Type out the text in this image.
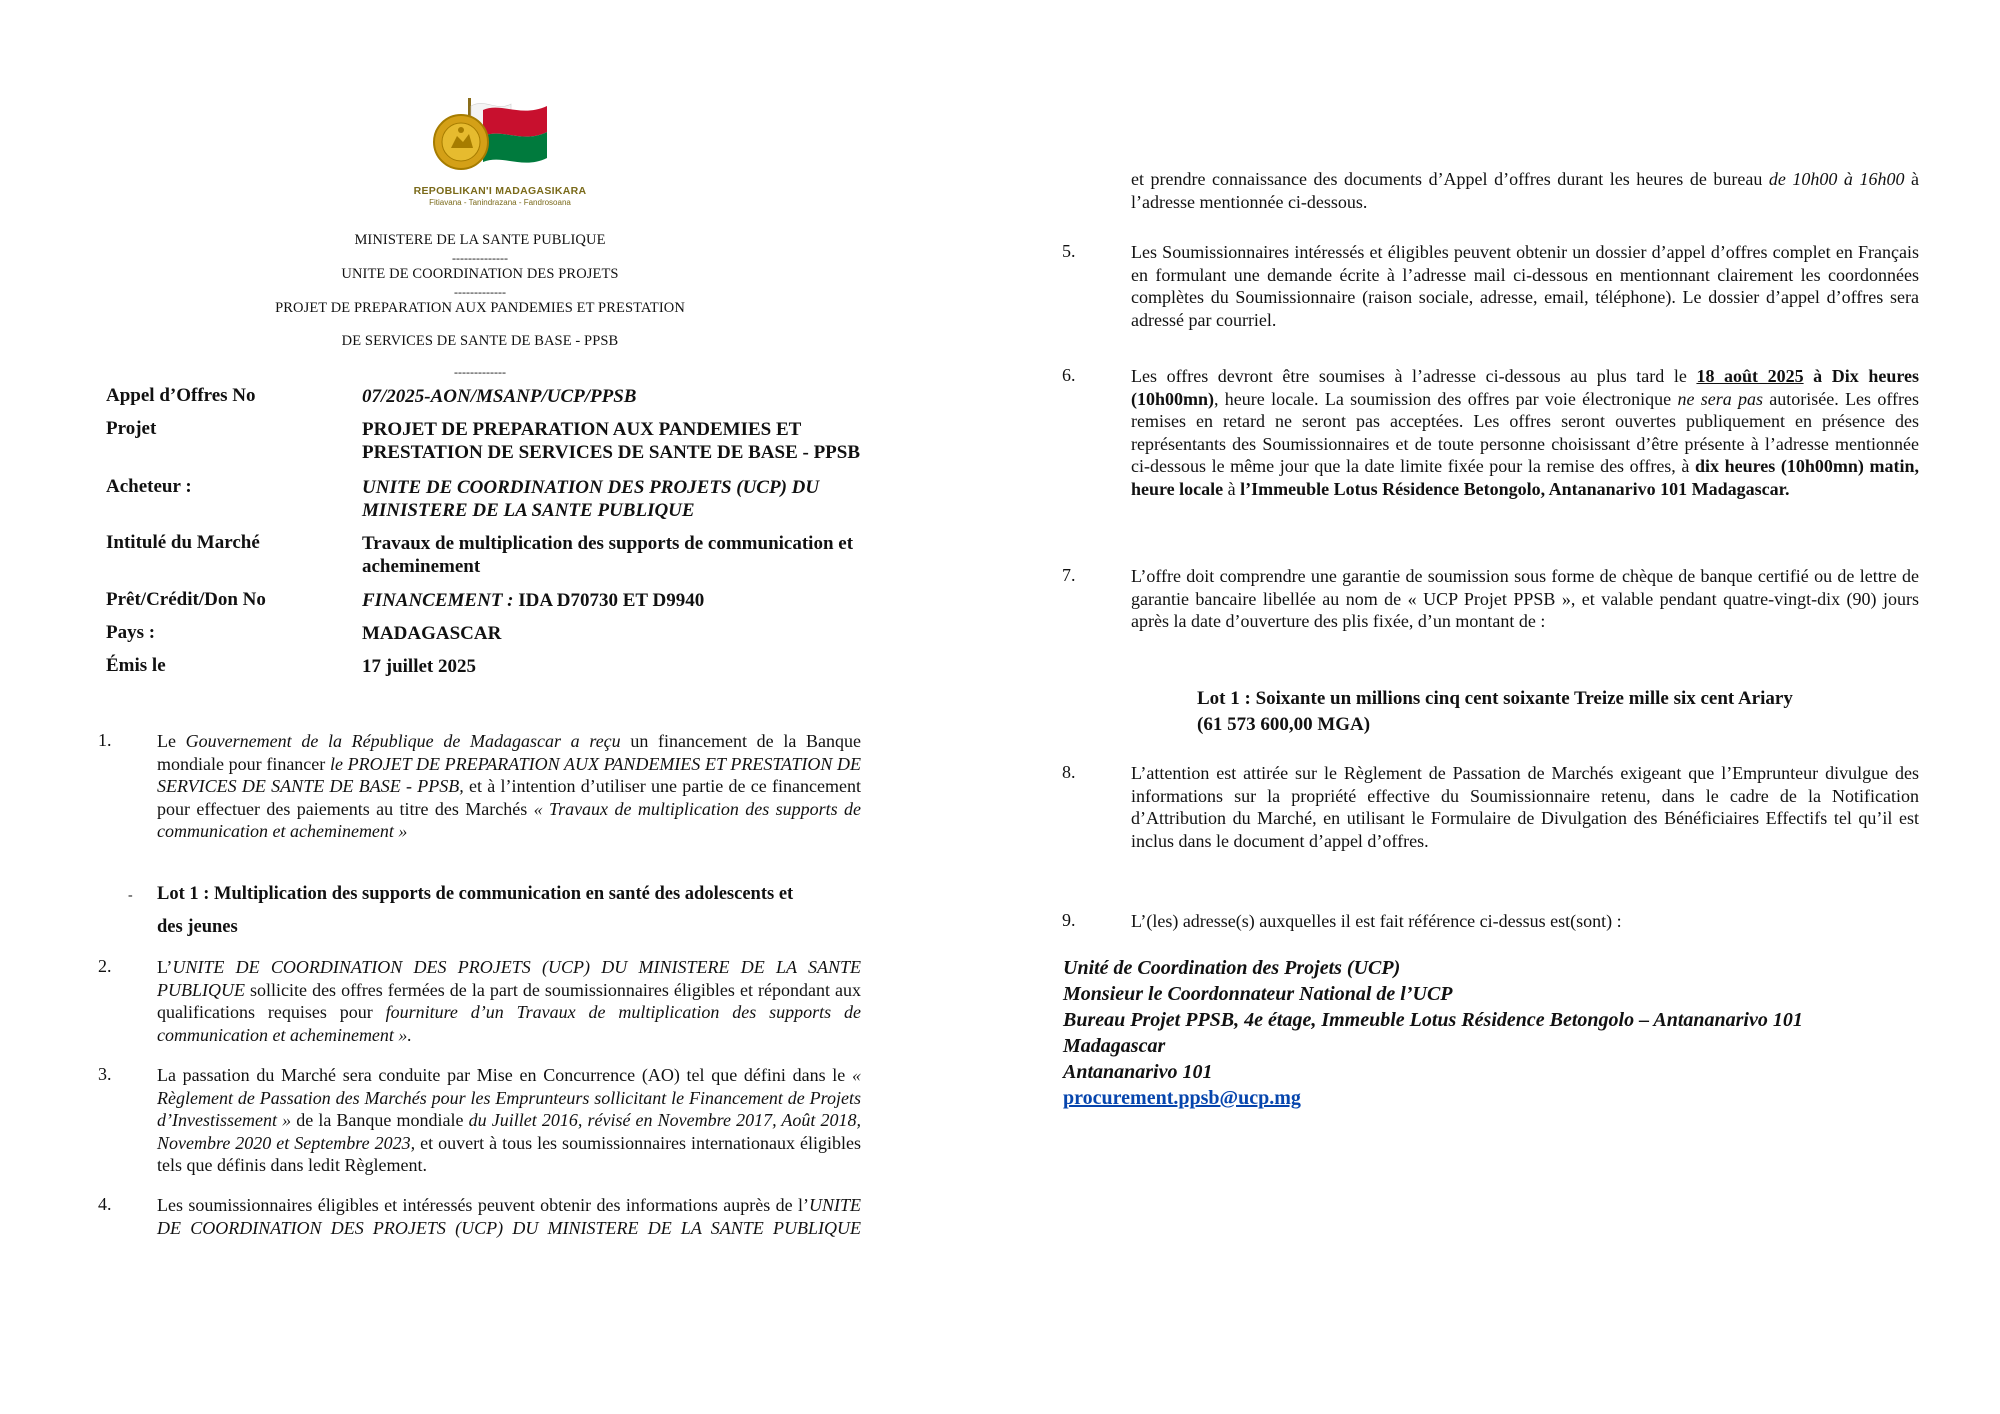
REPOBLIKAN'I MADAGASIKARA
Fitiavana - Tanindrazana - Fandrosoana
MINISTERE DE LA SANTE PUBLIQUE
--------------
UNITE DE COORDINATION DES PROJETS
-------------
PROJET DE PREPARATION AUX PANDEMIES ET PRESTATION
DE SERVICES DE SANTE DE BASE - PPSB
-------------
Appel d’Offres No	07/2025-AON/MSANP/UCP/PPSB
Projet	PROJET DE PREPARATION AUX PANDEMIES ET PRESTATION DE SERVICES DE SANTE DE BASE - PPSB
Acheteur :	UNITE DE COORDINATION DES PROJETS (UCP) DU MINISTERE DE LA SANTE PUBLIQUE
Intitulé du Marché	Travaux de multiplication des supports de communication et acheminement
Prêt/Crédit/Don No	FINANCEMENT : IDA D70730 ET D9940
Pays :	MADAGASCAR
Émis le	17 juillet 2025
1.	Le Gouvernement de la République de Madagascar a reçu un financement de la Banque mondiale pour financer le PROJET DE PREPARATION AUX PANDEMIES ET PRESTATION DE SERVICES DE SANTE DE BASE - PPSB, et à l’intention d’utiliser une partie de ce financement pour effectuer des paiements au titre des Marchés « Travaux de multiplication des supports de communication et acheminement »
- Lot 1 : Multiplication des supports de communication en santé des adolescents et
des jeunes
2.	L’UNITE DE COORDINATION DES PROJETS (UCP) DU MINISTERE DE LA SANTE PUBLIQUE sollicite des offres fermées de la part de soumissionnaires éligibles et répondant aux qualifications requises pour fourniture d’un Travaux de multiplication des supports de communication et acheminement ».
3.	La passation du Marché sera conduite par Mise en Concurrence (AO) tel que défini dans le « Règlement de Passation des Marchés pour les Emprunteurs sollicitant le Financement de Projets d’Investissement » de la Banque mondiale du Juillet 2016, révisé en Novembre 2017, Août 2018, Novembre 2020 et Septembre 2023, et ouvert à tous les soumissionnaires internationaux éligibles tels que définis dans ledit Règlement.
4.	Les soumissionnaires éligibles et intéressés peuvent obtenir des informations auprès de l’UNITE DE COORDINATION DES PROJETS (UCP) DU MINISTERE DE LA SANTE PUBLIQUE
et prendre connaissance des documents d’Appel d’offres durant les heures de bureau de 10h00 à 16h00 à l’adresse mentionnée ci-dessous.
5.	Les Soumissionnaires intéressés et éligibles peuvent obtenir un dossier d’appel d’offres complet en Français en formulant une demande écrite à l’adresse mail ci-dessous en mentionnant clairement les coordonnées complètes du Soumissionnaire (raison sociale, adresse, email, téléphone). Le dossier d’appel d’offres sera adressé par courriel.
6.	Les offres devront être soumises à l’adresse ci-dessous au plus tard le 18 août 2025 à Dix heures (10h00mn), heure locale. La soumission des offres par voie électronique ne sera pas autorisée. Les offres remises en retard ne seront pas acceptées. Les offres seront ouvertes publiquement en présence des représentants des Soumissionnaires et de toute personne choisissant d’être présente à l’adresse mentionnée ci-dessous le même jour que la date limite fixée pour la remise des offres, à dix heures (10h00mn) matin, heure locale à l’Immeuble Lotus Résidence Betongolo, Antananarivo 101 Madagascar.
7.	L’offre doit comprendre une garantie de soumission sous forme de chèque de banque certifié ou de lettre de garantie bancaire libellée au nom de « UCP Projet PPSB », et valable pendant quatre-vingt-dix (90) jours après la date d’ouverture des plis fixée, d’un montant de :
Lot 1 : Soixante un millions cinq cent soixante Treize mille six cent Ariary
(61 573 600,00 MGA)
8.	L’attention est attirée sur le Règlement de Passation de Marchés exigeant que l’Emprunteur divulgue des informations sur la propriété effective du Soumissionnaire retenu, dans le cadre de la Notification d’Attribution du Marché, en utilisant le Formulaire de Divulgation des Bénéficiaires Effectifs tel qu’il est inclus dans le document d’appel d’offres.
9.	L’(les) adresse(s) auxquelles il est fait référence ci-dessus est(sont) :
Unité de Coordination des Projets (UCP)
Monsieur le Coordonnateur National de l’UCP
Bureau Projet PPSB, 4e étage, Immeuble Lotus Résidence Betongolo – Antananarivo 101
Madagascar
Antananarivo 101
procurement.ppsb@ucp.mg
